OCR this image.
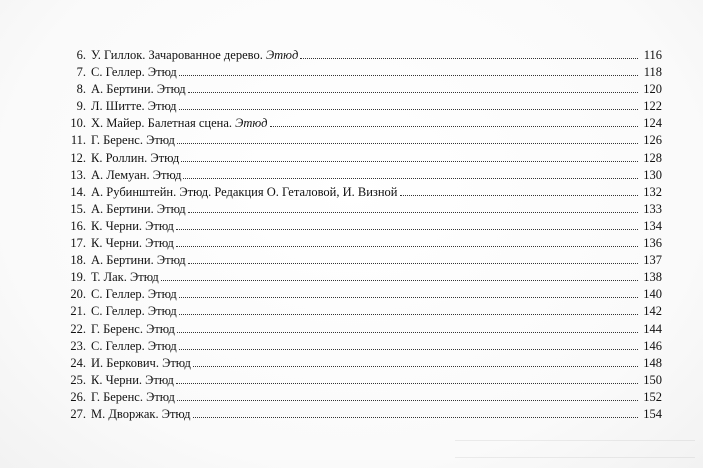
6. У. Гиллок. Зачарованное дерево. Этюд	116
7. С. Геллер. Этюд	118
8. А. Бертини. Этюд	120
9. Л. Шитте. Этюд	122
10. Х. Майер. Балетная сцена. Этюд	124
11. Г. Беренс. Этюд	126
12. К. Роллин. Этюд	128
13. А. Лемуан. Этюд	130
14. А. Рубинштейн. Этюд. Редакция О. Геталовой, И. Визной	132
15. А. Бертини. Этюд	133
16. К. Черни. Этюд	134
17. К. Черни. Этюд	136
18. А. Бертини. Этюд	137
19. Т. Лак. Этюд	138
20. С. Геллер. Этюд	140
21. С. Геллер. Этюд	142
22. Г. Беренс. Этюд	144
23. С. Геллер. Этюд	146
24. И. Беркович. Этюд	148
25. К. Черни. Этюд	150
26. Г. Беренс. Этюд	152
27. М. Дворжак. Этюд	154
